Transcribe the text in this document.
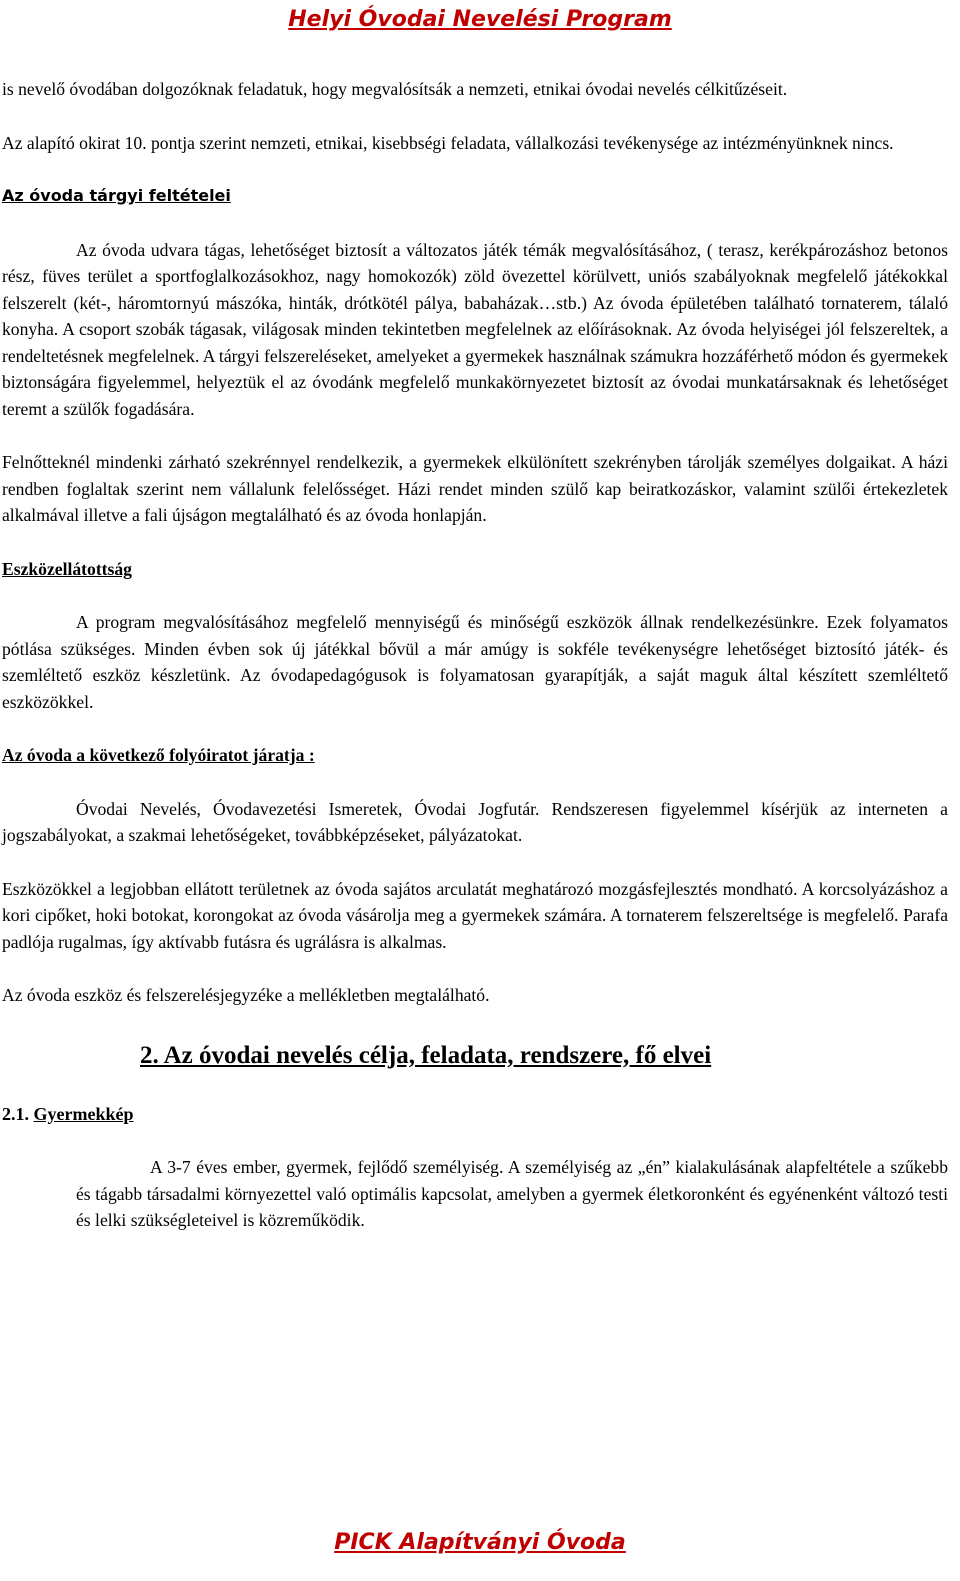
Helyi Óvodai Nevelési Program

is nevelő óvodában dolgozóknak feladatuk, hogy megvalósítsák a nemzeti, etnikai óvodai nevelés célkitűzéseit.

Az alapító okirat 10. pontja szerint nemzeti, etnikai, kisebbségi feladata, vállalkozási tevékenysége az intézményünknek nincs.

Az óvoda tárgyi feltételei

Az óvoda udvara tágas, lehetőséget biztosít a változatos játék témák megvalósításához, ( terasz, kerékpározáshoz betonos rész, füves terület a sportfoglalkozásokhoz, nagy homokozók) zöld övezettel körülvett, uniós szabályoknak megfelelő játékokkal felszerelt (két-, háromtornyú mászóka, hinták, drótkötél pálya, babaházak…stb.) Az óvoda épületében található tornaterem, tálaló konyha. A csoport szobák tágasak, világosak minden tekintetben megfelelnek az előírásoknak. Az óvoda helyiségei jól felszereltek, a rendeltetésnek megfelelnek. A tárgyi felszereléseket, amelyeket a gyermekek használnak számukra hozzáférhető módon és gyermekek biztonságára figyelemmel, helyeztük el az óvodánk megfelelő munkakörnyezetet biztosít az óvodai munkatársaknak és lehetőséget teremt a szülők fogadására.

Felnőtteknél mindenki zárható szekrénnyel rendelkezik, a gyermekek elkülönített szekrényben tárolják személyes dolgaikat. A házi rendben foglaltak szerint nem vállalunk felelősséget. Házi rendet minden szülő kap beiratkozáskor, valamint szülői értekezletek alkalmával illetve a fali újságon megtalálható és az óvoda honlapján.

Eszközellátottság

A program megvalósításához megfelelő mennyiségű és minőségű eszközök állnak rendelkezésünkre. Ezek folyamatos pótlása szükséges. Minden évben sok új játékkal bővül a már amúgy is sokféle tevékenységre lehetőséget biztosító játék- és szemléltető eszköz készletünk. Az óvodapedagógusok is folyamatosan gyarapítják, a saját maguk által készített szemléltető eszközökkel.

Az óvoda a következő folyóiratot járatja :

Óvodai Nevelés, Óvodavezetési Ismeretek, Óvodai Jogfutár. Rendszeresen figyelemmel kísérjük az interneten a jogszabályokat, a szakmai lehetőségeket, továbbképzéseket, pályázatokat.

Eszközökkel a legjobban ellátott területnek az óvoda sajátos arculatát meghatározó mozgásfejlesztés mondható. A korcsolyázáshoz a kori cipőket, hoki botokat, korongokat az óvoda vásárolja meg a gyermekek számára. A tornaterem felszereltsége is megfelelő. Parafa padlója rugalmas, így aktívabb futásra és ugrálásra is alkalmas.

Az óvoda eszköz és felszerelésjegyzéke a mellékletben megtalálható.

2. Az óvodai nevelés célja, feladata, rendszere, fő elvei

2.1. Gyermekkép

A 3-7 éves ember, gyermek, fejlődő személyiség. A személyiség az „én” kialakulásának alapfeltétele a szűkebb és tágabb társadalmi környezettel való optimális kapcsolat, amelyben a gyermek életkoronként és egyénenként változó testi és lelki szükségleteivel is közreműködik.

PICK Alapítványi Óvoda
